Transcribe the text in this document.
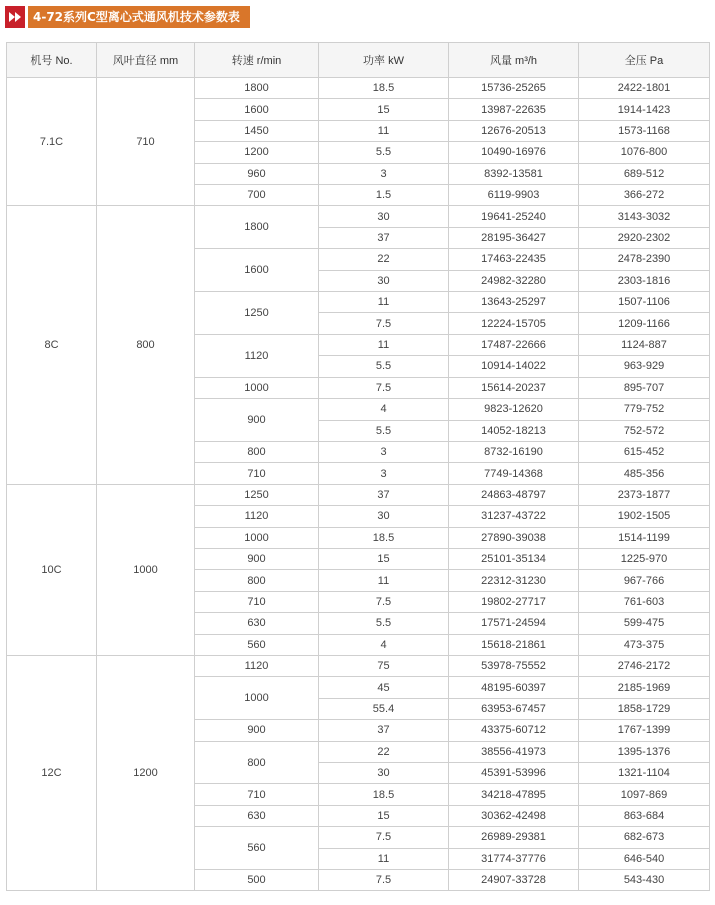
4-72系列C型离心式通风机技术参数表
机号 No.	风叶直径 mm	转速 r/min	功率 kW	风量 m³/h	全压 Pa
7.1C	710	1800	18.5	15736-25265	2422-1801
		1600	15	13987-22635	1914-1423
		1450	11	12676-20513	1573-1168
		1200	5.5	10490-16976	1076-800
		960	3	8392-13581	689-512
		700	1.5	6119-9903	366-272
8C	800	1800	30	19641-25240	3143-3032
			37	28195-36427	2920-2302
		1600	22	17463-22435	2478-2390
			30	24982-32280	2303-1816
		1250	11	13643-25297	1507-1106
			7.5	12224-15705	1209-1166
		1120	11	17487-22666	1124-887
			5.5	10914-14022	963-929
		1000	7.5	15614-20237	895-707
		900	4	9823-12620	779-752
			5.5	14052-18213	752-572
		800	3	8732-16190	615-452
		710	3	7749-14368	485-356
10C	1000	1250	37	24863-48797	2373-1877
		1120	30	31237-43722	1902-1505
		1000	18.5	27890-39038	1514-1199
		900	15	25101-35134	1225-970
		800	11	22312-31230	967-766
		710	7.5	19802-27717	761-603
		630	5.5	17571-24594	599-475
		560	4	15618-21861	473-375
12C	1200	1120	75	53978-75552	2746-2172
		1000	45	48195-60397	2185-1969
			55.4	63953-67457	1858-1729
		900	37	43375-60712	1767-1399
		800	22	38556-41973	1395-1376
			30	45391-53996	1321-1104
		710	18.5	34218-47895	1097-869
		630	15	30362-42498	863-684
		560	7.5	26989-29381	682-673
			11	31774-37776	646-540
		500	7.5	24907-33728	543-430
